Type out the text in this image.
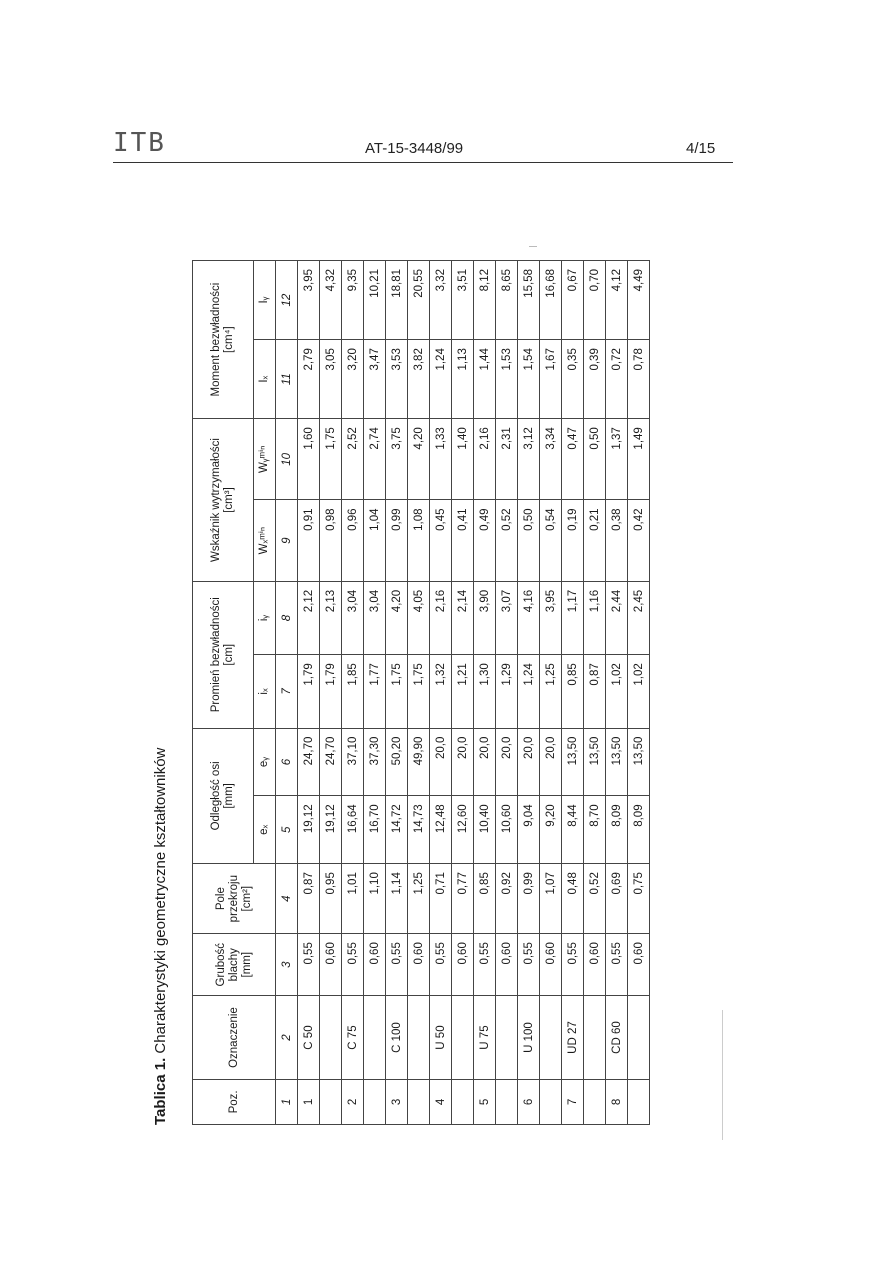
ITB	AT-15-3448/99	4/15
Tablica 1. Charakterystyki geometryczne kształtowników
Poz.	Oznaczenie	Grubość blachy
[mm]	Pole przekroju
[cm²]	Odległość osi
[mm]		Promień bezwładności
[cm]		Wskaźnik wytrzymałości
[cm³]		Moment bezwładności
[cm⁴]	
				eₓ	eᵧ	iₓ	iᵧ	Wₓᵐⁱⁿ	Wᵧᵐⁱⁿ	Iₓ	Iᵧ
1	2	3	4	5	6	7	8	9	10	11	12
1	C 50	0,55	0,87	19,12	24,70	1,79	2,12	0,91	1,60	2,79	3,95
		0,60	0,95	19,12	24,70	1,79	2,13	0,98	1,75	3,05	4,32
2	C 75	0,55	1,01	16,64	37,10	1,85	3,04	0,96	2,52	3,20	9,35
		0,60	1,10	16,70	37,30	1,77	3,04	1,04	2,74	3,47	10,21
3	C 100	0,55	1,14	14,72	50,20	1,75	4,20	0,99	3,75	3,53	18,81
		0,60	1,25	14,73	49,90	1,75	4,05	1,08	4,20	3,82	20,55
4	U 50	0,55	0,71	12,48	20,0	1,32	2,16	0,45	1,33	1,24	3,32
		0,60	0,77	12,60	20,0	1,21	2,14	0,41	1,40	1,13	3,51
5	U 75	0,55	0,85	10,40	20,0	1,30	3,90	0,49	2,16	1,44	8,12
		0,60	0,92	10,60	20,0	1,29	3,07	0,52	2,31	1,53	8,65
6	U 100	0,55	0,99	9,04	20,0	1,24	4,16	0,50	3,12	1,54	15,58
		0,60	1,07	9,20	20,0	1,25	3,95	0,54	3,34	1,67	16,68
7	UD 27	0,55	0,48	8,44	13,50	0,85	1,17	0,19	0,47	0,35	0,67
		0,60	0,52	8,70	13,50	0,87	1,16	0,21	0,50	0,39	0,70
8	CD 60	0,55	0,69	8,09	13,50	1,02	2,44	0,38	1,37	0,72	4,12
		0,60	0,75	8,09	13,50	1,02	2,45	0,42	1,49	0,78	4,49
